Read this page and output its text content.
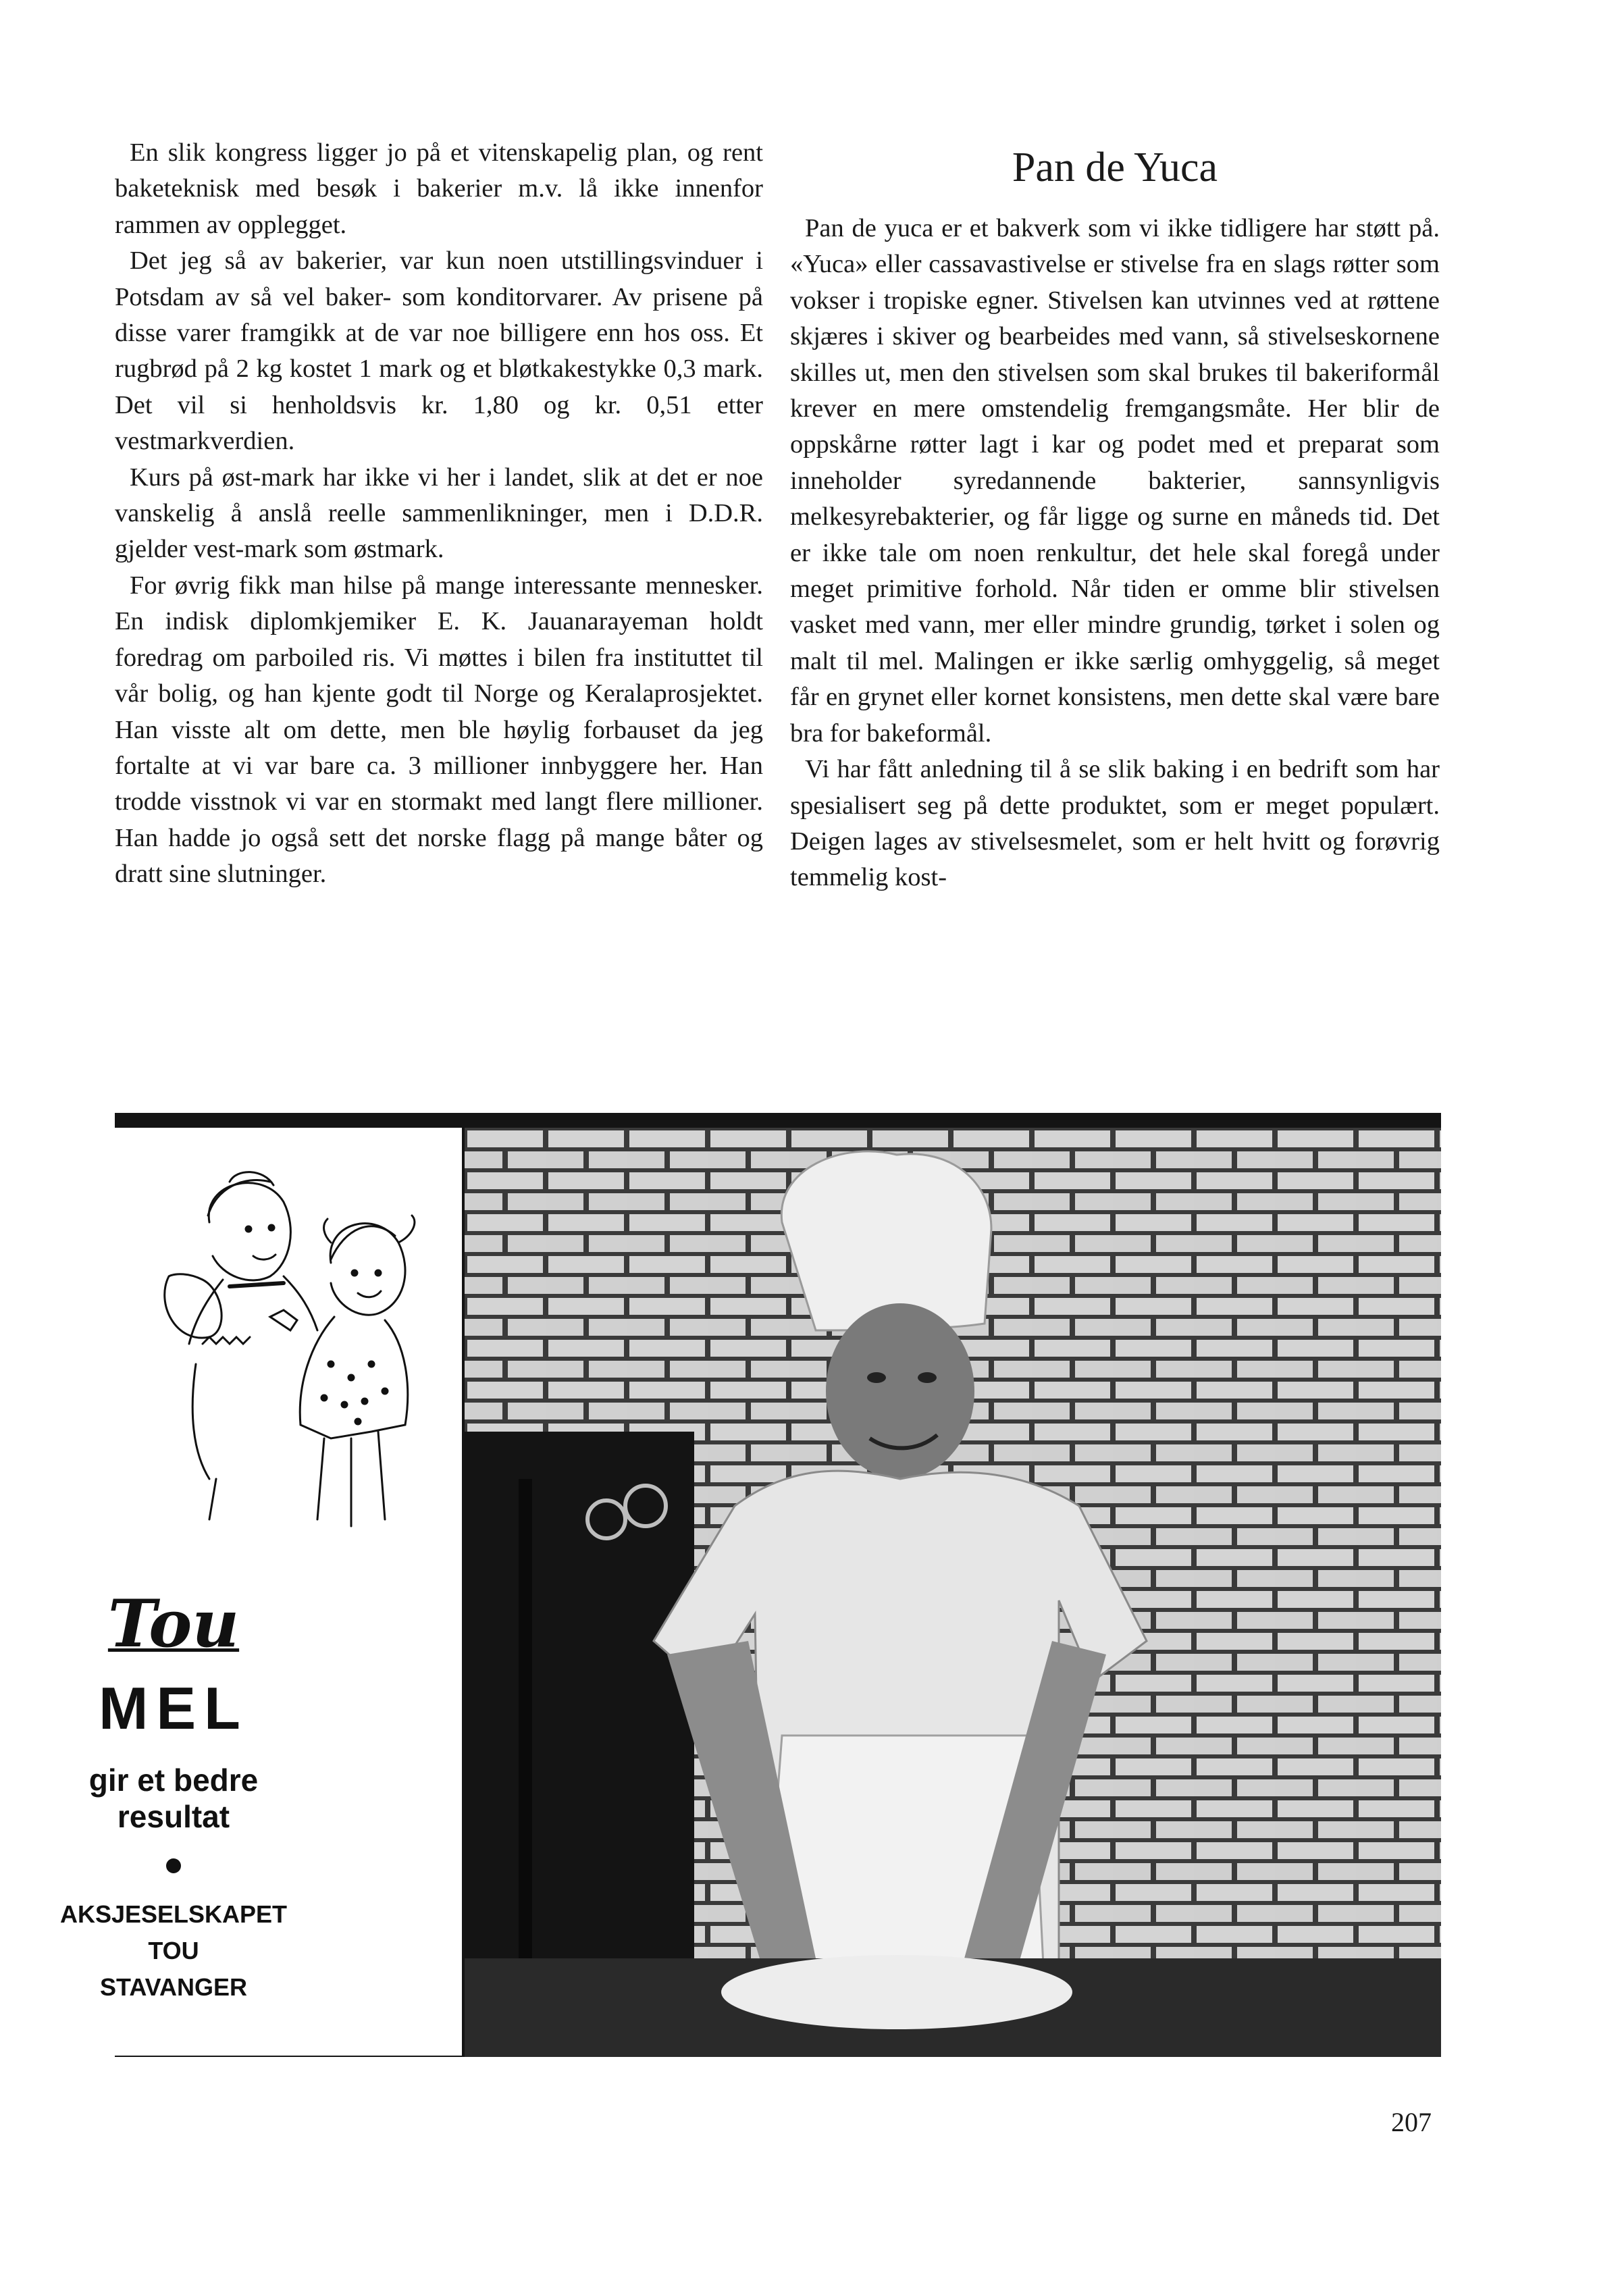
En slik kongress ligger jo på et vitenskapelig plan, og rent baketeknisk med besøk i bakerier m.v. lå ikke innenfor rammen av opplegget.

Det jeg så av bakerier, var kun noen utstillingsvinduer i Potsdam av så vel baker- som konditorvarer. Av prisene på disse varer framgikk at de var noe billigere enn hos oss. Et rugbrød på 2 kg kostet 1 mark og et bløtkakestykke 0,3 mark. Det vil si henholdsvis kr. 1,80 og kr. 0,51 etter vestmarkverdien.

Kurs på øst-mark har ikke vi her i landet, slik at det er noe vanskelig å anslå reelle sammenlikninger, men i D.D.R. gjelder vest-mark som østmark.

For øvrig fikk man hilse på mange interessante mennesker. En indisk diplomkjemiker E. K. Jauanarayeman holdt foredrag om parboiled ris. Vi møttes i bilen fra instituttet til vår bolig, og han kjente godt til Norge og Keralaprosjektet. Han visste alt om dette, men ble høylig forbauset da jeg fortalte at vi var bare ca. 3 millioner innbyggere her. Han trodde visstnok vi var en stormakt med langt flere millioner. Han hadde jo også sett det norske flagg på mange båter og dratt sine slutninger.

Pan de Yuca

Pan de yuca er et bakverk som vi ikke tidligere har støtt på. «Yuca» eller cassavastivelse er stivelse fra en slags røtter som vokser i tropiske egner. Stivelsen kan utvinnes ved at røttene skjæres i skiver og bearbeides med vann, så stivelseskornene skilles ut, men den stivelsen som skal brukes til bakeriformål krever en mere omstendelig fremgangsmåte. Her blir de oppskårne røtter lagt i kar og podet med et preparat som inneholder syredannende bakterier, sannsynligvis melkesyrebakterier, og får ligge og surne en måneds tid. Det er ikke tale om noen renkultur, det hele skal foregå under meget primitive forhold. Når tiden er omme blir stivelsen vasket med vann, mer eller mindre grundig, tørket i solen og malt til mel. Malingen er ikke særlig omhyggelig, så meget får en grynet eller kornet konsistens, men dette skal være bare bra for bakeformål.

Vi har fått anledning til å se slik baking i en bedrift som har spesialisert seg på dette produktet, som er meget populært. Deigen lages av stivelsesmelet, som er helt hvitt og forøvrig temmelig kost-

Tou
MEL
gir et bedre
resultat
AKSJESELSKAPET
TOU
STAVANGER
207
